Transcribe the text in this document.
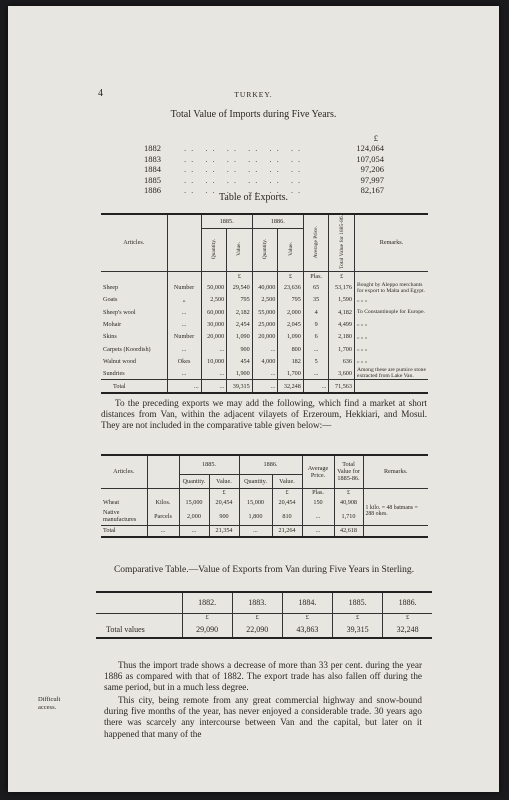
4	TURKEY.
Total Value of Imports during Five Years.
£
1882	.. .. .. .. .. ..	124,064
1883	.. .. .. .. .. ..	107,054
1884	.. .. .. .. .. ..	97,206
1885	.. .. .. .. .. ..	97,997
1886	.. .. .. .. .. ..	82,167
Table of Exports.
Articles.		1885.		1886.		Average Price.	Total Value for 1885-86.	Remarks.
		Quantity.	Value.	Quantity.	Value.			
			£		£	Plas.	£	
Sheep	Number	50,000	29,540	40,000	23,636	65	53,176	Bought by Aleppo merchants for export to Malta and Egypt.
Goats	„	2,500	795	2,500	795	35	1,590	„ „ „
Sheep's wool	...	60,000	2,182	55,000	2,000	4	4,182	To Constantinople for Europe.
Mohair	...	30,000	2,454	25,000	2,045	9	4,499	„ „ „
Skins	Number	20,000	1,090	20,000	1,090	6	2,180	„ „ „
Carpets (Koordish)	...	...	900	...	800	...	1,700	„ „ „
Walnut wood	Okes	10,000	454	4,000	182	5	636	„ „ „
Sundries	...	...	1,900	...	1,700	...	3,600	Among these are pumice stone extracted from Lake Van.
Total	...	...	39,315	...	32,248	...	71,563	
To the preceding exports we may add the following, which find a market at short distances from Van, within the adjacent vilayets of Erzeroum, Hekkiari, and Mosul. They are not included in the comparative table given below:—
Articles.		1885.		1886.		Average Price.	Total Value for 1885-86.	Remarks.
		Quantity.	Value.	Quantity.	Value.			
			£		£	Plas.	£	
Wheat	Kilos.	15,000	20,454	15,000	20,454	150	40,908	1 kilo. = 48 batmans = 288 okes.
Native manufactures	Parcels	2,000	900	1,800	810	...	1,710	
Total	...	...	21,354	...	21,264	...	42,618	
Comparative Table.—Value of Exports from Van during Five Years in Sterling.
	1882.	1883.	1884.	1885.	1886.
	£	£	£	£	£
Total values	29,090	22,090	43,863	39,315	32,248
Thus the import trade shows a decrease of more than 33 per cent. during the year 1886 as compared with that of 1882. The export trade has also fallen off during the same period, but in a much less degree.
Difficult access.
This city, being remote from any great commercial highway and snow-bound during five months of the year, has never enjoyed a considerable trade. 30 years ago there was scarcely any intercourse between Van and the capital, but later on it happened that many of the
